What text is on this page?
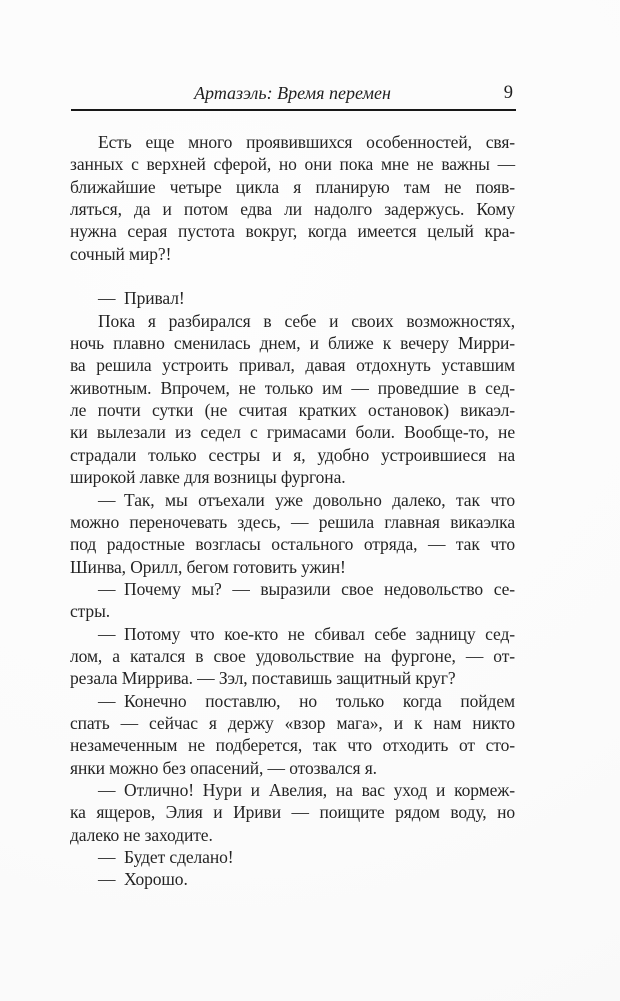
Артазэль: Время перемен	9

Есть еще много проявившихся особенностей, свя-
занных с верхней сферой, но они пока мне не важны —
ближайшие четыре цикла я планирую там не появ-
ляться, да и потом едва ли надолго задержусь. Кому
нужна серая пустота вокруг, когда имеется целый кра-
сочный мир?!

— Привал!

Пока я разбирался в себе и своих возможностях,
ночь плавно сменилась днем, и ближе к вечеру Мирри-
ва решила устроить привал, давая отдохнуть уставшим
животным. Впрочем, не только им — проведшие в сед-
ле почти сутки (не считая кратких остановок) викаэл-
ки вылезали из седел с гримасами боли. Вообще-то, не
страдали только сестры и я, удобно устроившиеся на
широкой лавке для возницы фургона.

— Так, мы отъехали уже довольно далеко, так что
можно переночевать здесь, — решила главная викаэлка
под радостные возгласы остального отряда, — так что
Шинва, Орилл, бегом готовить ужин!

— Почему мы? — выразили свое недовольство се-
стры.

— Потому что кое-кто не сбивал себе задницу сед-
лом, а катался в свое удовольствие на фургоне, — от-
резала Миррива. — Зэл, поставишь защитный круг?

— Конечно поставлю, но только когда пойдем
спать — сейчас я держу «взор мага», и к нам никто
незамеченным не подберется, так что отходить от сто-
янки можно без опасений, — отозвался я.

— Отлично! Нури и Авелия, на вас уход и кормеж-
ка ящеров, Элия и Ириви — поищите рядом воду, но
далеко не заходите.

— Будет сделано!

— Хорошо.
